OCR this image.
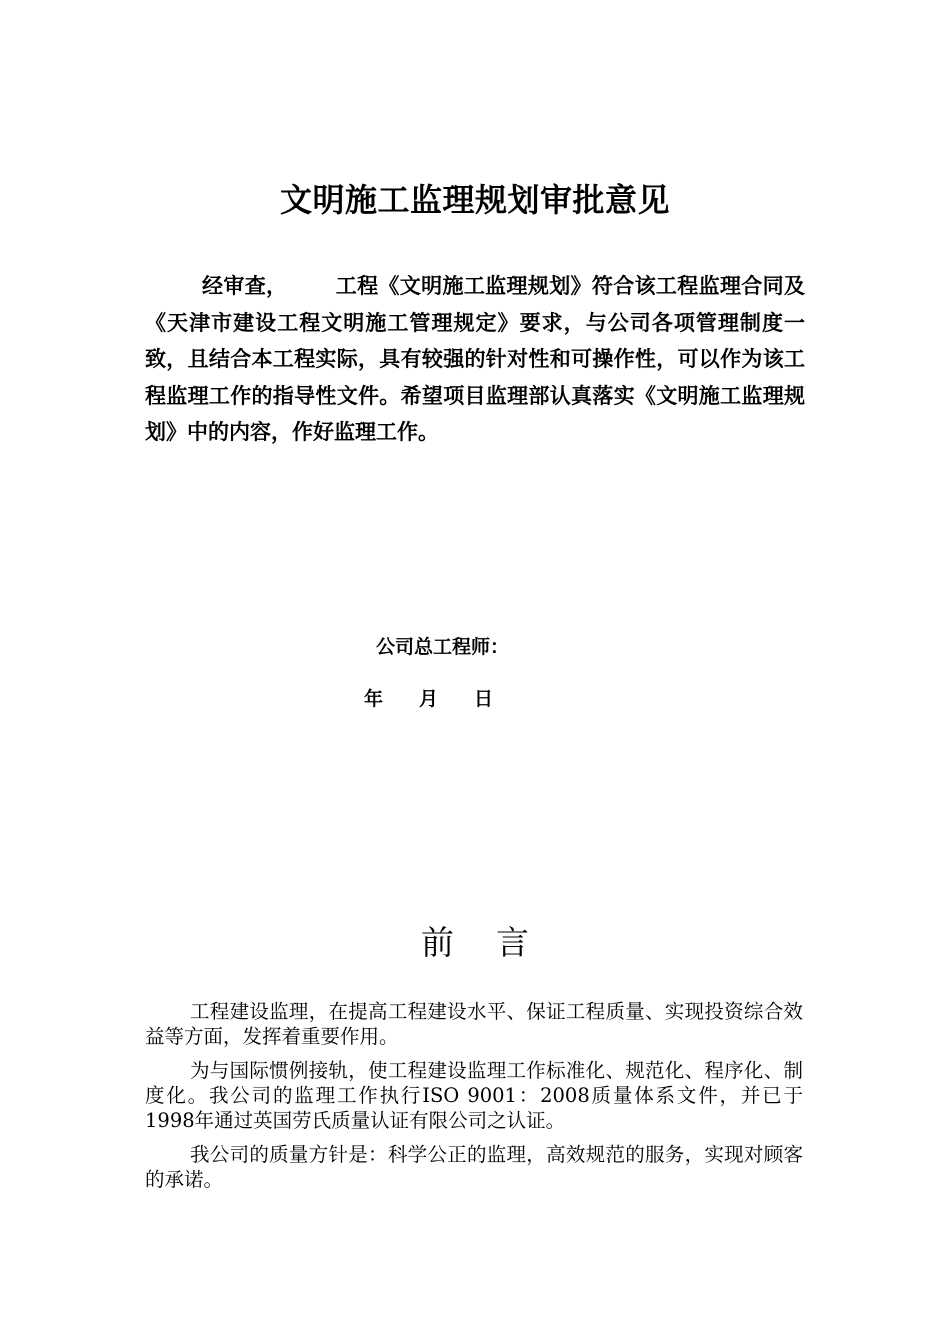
文明施工监理规划审批意见

经审查， 工程《文明施工监理规划》符合该工程监理合同及《天津市建设工程文明施工管理规定》要求，与公司各项管理制度一致，且结合本工程实际，具有较强的针对性和可操作性，可以作为该工程监理工作的指导性文件。希望项目监理部认真落实《文明施工监理规划》中的内容，作好监理工作。

公司总工程师：
年 月 日
前 言

工程建设监理，在提高工程建设水平、保证工程质量、实现投资综合效益等方面，发挥着重要作用。

为与国际惯例接轨，使工程建设监理工作标准化、规范化、程序化、制度化。我公司的监理工作执行ISO 9001：2008质量体系文件，并已于1998年通过英国劳氏质量认证有限公司之认证。

我公司的质量方针是：科学公正的监理，高效规范的服务，实现对顾客的承诺。
